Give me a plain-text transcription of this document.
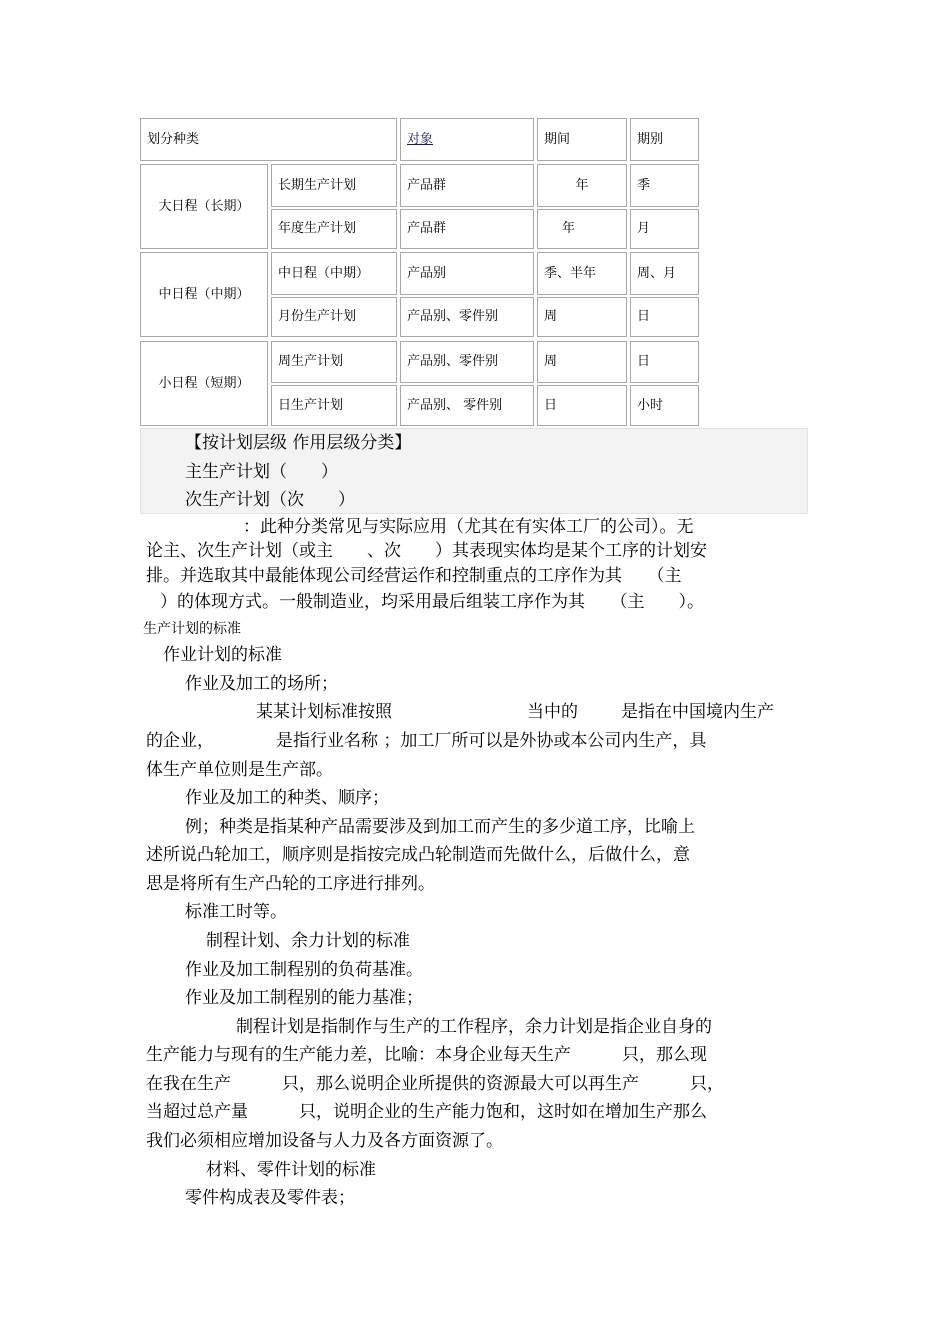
划分种类	对象	期间	期别
大日程（长期）
长期生产计划	产品群	年	季
年度生产计划	产品群	年	月
中日程（中期）
中日程（中期）	产品别	季、半年	周、月
月份生产计划	产品别、零件别	周	日
小日程（短期）
周生产计划	产品别、零件别	周	日
日生产计划	产品别、 零件别	日	小时
【按计划层级 作用层级分类】
主生产计划（　　）
次生产计划（次　　）
：此种分类常见与实际应用（尤其在有实体工厂的公司）。无
论主、次生产计划（或主　　、次　　）其表现实体均是某个工序的计划安
排。并选取其中最能体现公司经营运作和控制重点的工序作为其　　（主
）的体现方式。一般制造业，均采用最后组装工序作为其　　（主　　）。
生产计划的标准
作业计划的标准
作业及加工的场所；
某某计划标准按照	当中的	是指在中国境内生产
的企业，	是指行业名称 ；加工厂所可以是外协或本公司内生产，具
体生产单位则是生产部。
作业及加工的种类、顺序；
例；种类是指某种产品需要涉及到加工而产生的多少道工序，比喻上
述所说凸轮加工，顺序则是指按完成凸轮制造而先做什么，后做什么，意
思是将所有生产凸轮的工序进行排列。
标准工时等。
制程计划、余力计划的标准
作业及加工制程别的负荷基准。
作业及加工制程别的能力基准；
制程计划是指制作与生产的工作程序，余力计划是指企业自身的
生产能力与现有的生产能力差，比喻：本身企业每天生产　　　只，那么现
在我在生产　　　只，那么说明企业所提供的资源最大可以再生产　　　只，
当超过总产量　　　只，说明企业的生产能力饱和，这时如在增加生产那么
我们必须相应增加设备与人力及各方面资源了。
材料、零件计划的标准
零件构成表及零件表；
